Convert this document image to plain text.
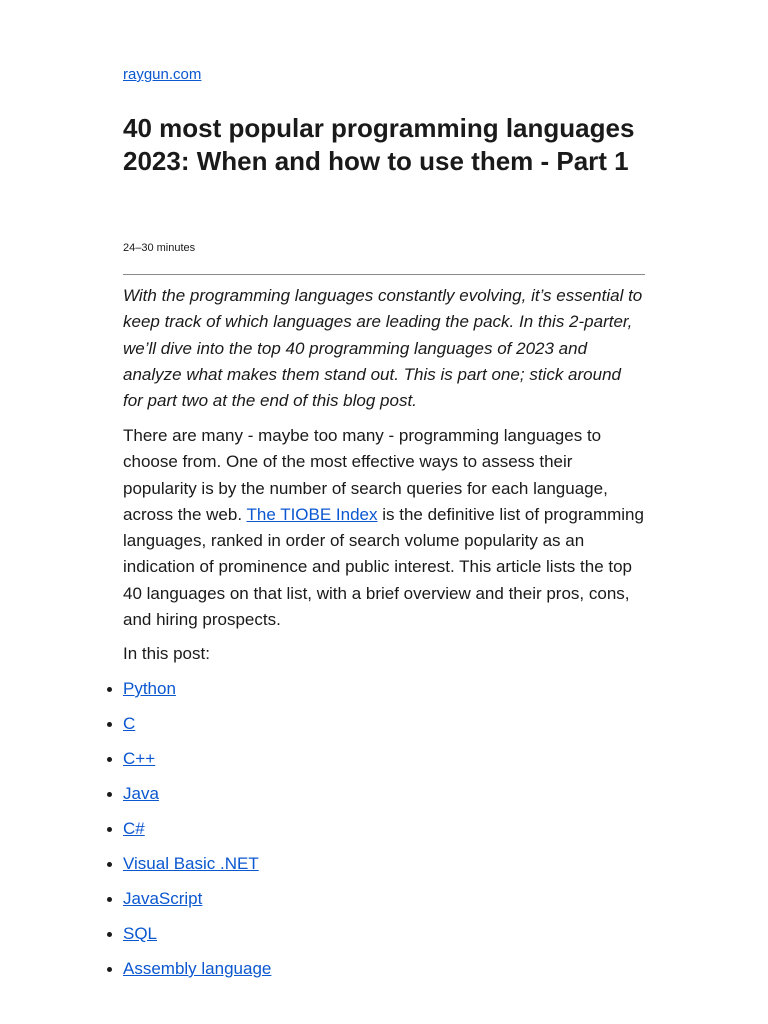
raygun.com
40 most popular programming languages 2023: When and how to use them - Part 1
24–30 minutes

With the programming languages constantly evolving, it’s essential to keep track of which languages are leading the pack. In this 2-parter, we’ll dive into the top 40 programming languages of 2023 and analyze what makes them stand out. This is part one; stick around for part two at the end of this blog post.

There are many - maybe too many - programming languages to choose from. One of the most effective ways to assess their popularity is by the number of search queries for each language, across the web. The TIOBE Index is the definitive list of programming languages, ranked in order of search volume popularity as an indication of prominence and public interest. This article lists the top 40 languages on that list, with a brief overview and their pros, cons, and hiring prospects.

In this post:

Python
C
C++
Java
C#
Visual Basic .NET
JavaScript
SQL
Assembly language
